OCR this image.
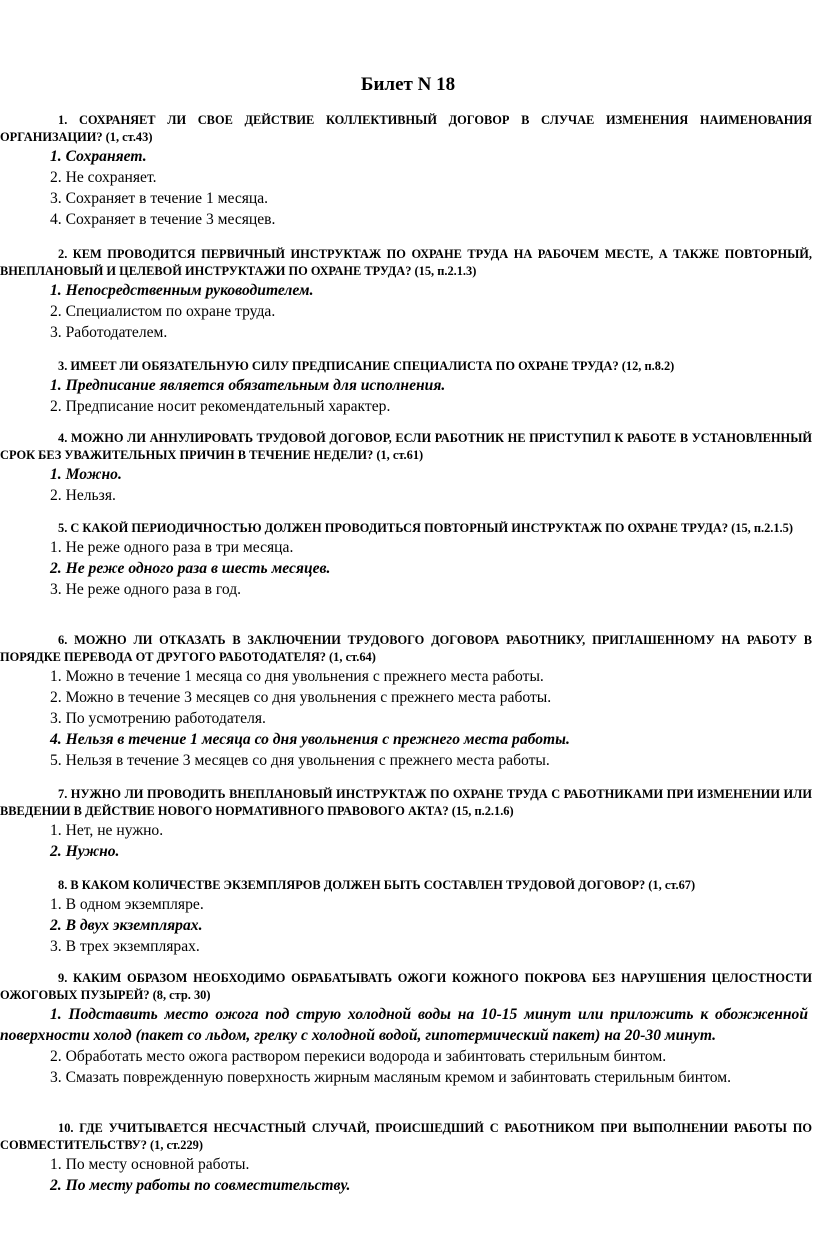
Билет N 18

1. СОХРАНЯЕТ ЛИ СВОЕ ДЕЙСТВИЕ КОЛЛЕКТИВНЫЙ ДОГОВОР В СЛУЧАЕ ИЗМЕНЕНИЯ НАИМЕНОВАНИЯ ОРГАНИЗАЦИИ? (1, ст.43)

1. Сохраняет.

2. Не сохраняет.

3. Сохраняет в течение 1 месяца.

4. Сохраняет в течение 3 месяцев.

2. КЕМ ПРОВОДИТСЯ ПЕРВИЧНЫЙ ИНСТРУКТАЖ ПО ОХРАНЕ ТРУДА НА РАБОЧЕМ МЕСТЕ, А ТАКЖЕ ПОВТОРНЫЙ, ВНЕПЛАНОВЫЙ И ЦЕЛЕВОЙ ИНСТРУКТАЖИ ПО ОХРАНЕ ТРУДА? (15, п.2.1.3)

1. Непосредственным руководителем.

2. Специалистом по охране труда.

3. Работодателем.

3. ИМЕЕТ ЛИ ОБЯЗАТЕЛЬНУЮ СИЛУ ПРЕДПИСАНИЕ СПЕЦИАЛИСТА ПО ОХРАНЕ ТРУДА? (12, п.8.2)

1. Предписание является обязательным для исполнения.

2. Предписание носит рекомендательный характер.

4. МОЖНО ЛИ АННУЛИРОВАТЬ ТРУДОВОЙ ДОГОВОР, ЕСЛИ РАБОТНИК НЕ ПРИСТУПИЛ К РАБОТЕ В УСТАНОВЛЕННЫЙ СРОК БЕЗ УВАЖИТЕЛЬНЫХ ПРИЧИН В ТЕЧЕНИЕ НЕДЕЛИ? (1, ст.61)

1. Можно.

2. Нельзя.

5. С КАКОЙ ПЕРИОДИЧНОСТЬЮ ДОЛЖЕН ПРОВОДИТЬСЯ ПОВТОРНЫЙ ИНСТРУКТАЖ ПО ОХРАНЕ ТРУДА? (15, п.2.1.5)

1. Не реже одного раза в три месяца.

2. Не реже одного раза в шесть месяцев.

3. Не реже одного раза в год.

6. МОЖНО ЛИ ОТКАЗАТЬ В ЗАКЛЮЧЕНИИ ТРУДОВОГО ДОГОВОРА РАБОТНИКУ, ПРИГЛАШЕННОМУ НА РАБОТУ В ПОРЯДКЕ ПЕРЕВОДА ОТ ДРУГОГО РАБОТОДАТЕЛЯ? (1, ст.64)

1. Можно в течение 1 месяца со дня увольнения с прежнего места работы.

2. Можно в течение 3 месяцев со дня увольнения с прежнего места работы.

3. По усмотрению работодателя.

4. Нельзя в течение 1 месяца со дня увольнения с прежнего места работы.

5. Нельзя в течение 3 месяцев со дня увольнения с прежнего места работы.

7. НУЖНО ЛИ ПРОВОДИТЬ ВНЕПЛАНОВЫЙ ИНСТРУКТАЖ ПО ОХРАНЕ ТРУДА С РАБОТНИКАМИ ПРИ ИЗМЕНЕНИИ ИЛИ ВВЕДЕНИИ В ДЕЙСТВИЕ НОВОГО НОРМАТИВНОГО ПРАВОВОГО АКТА? (15, п.2.1.6)

1. Нет, не нужно.

2. Нужно.

8. В КАКОМ КОЛИЧЕСТВЕ ЭКЗЕМПЛЯРОВ ДОЛЖЕН БЫТЬ СОСТАВЛЕН ТРУДОВОЙ ДОГОВОР? (1, ст.67)

1. В одном экземпляре.

2. В двух экземплярах.

3. В трех экземплярах.

9. КАКИМ ОБРАЗОМ НЕОБХОДИМО ОБРАБАТЫВАТЬ ОЖОГИ КОЖНОГО ПОКРОВА БЕЗ НАРУШЕНИЯ ЦЕЛОСТНОСТИ ОЖОГОВЫХ ПУЗЫРЕЙ? (8, стр. 30)

1. Подставить место ожога под струю холодной воды на 10-15 минут или приложить к обожженной поверхности холод (пакет со льдом, грелку с холодной водой, гипотермический пакет) на 20-30 минут.

2. Обработать место ожога раствором перекиси водорода и забинтовать стерильным бинтом.

3. Смазать поврежденную поверхность жирным масляным кремом и забинтовать стерильным бинтом.

10. ГДЕ УЧИТЫВАЕТСЯ НЕСЧАСТНЫЙ СЛУЧАЙ, ПРОИСШЕДШИЙ С РАБОТНИКОМ ПРИ ВЫПОЛНЕНИИ РАБОТЫ ПО СОВМЕСТИТЕЛЬСТВУ? (1, ст.229)

1. По месту основной работы.

2. По месту работы по совместительству.
